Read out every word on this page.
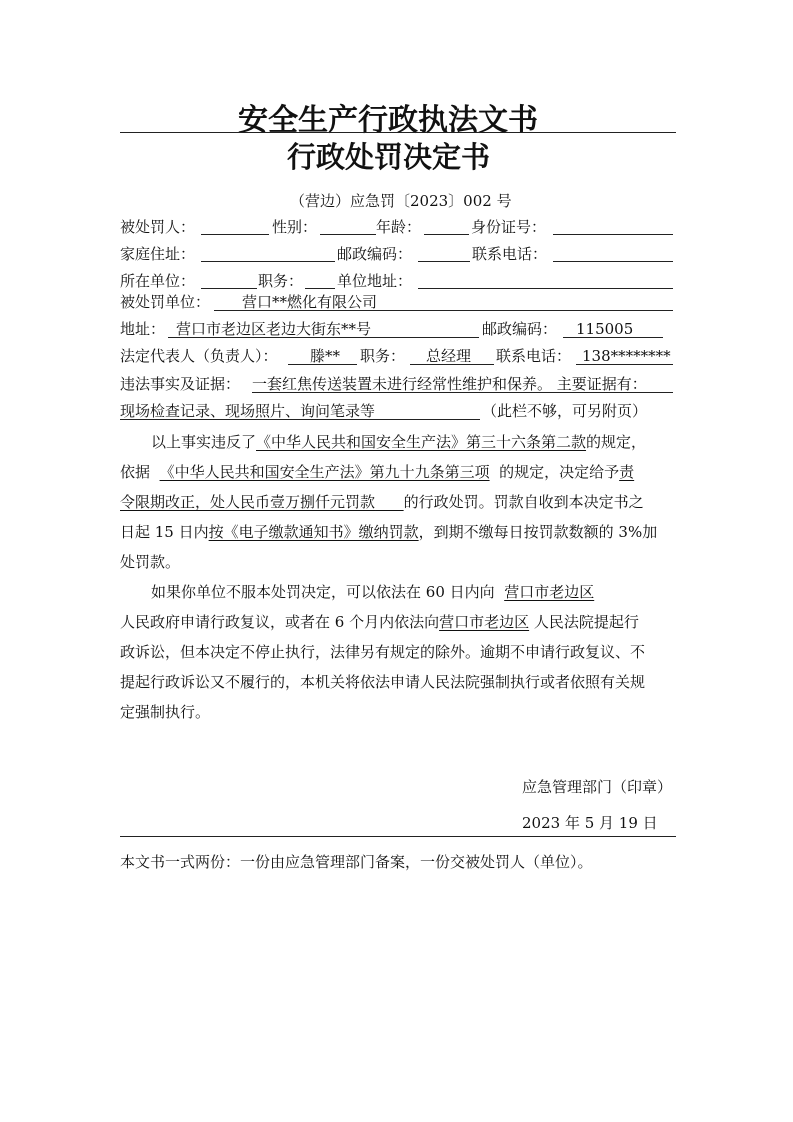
安全生产行政执法文书
行政处罚决定书
（营边）应急罚〔2023〕002 号
被处罚人：	性别：	年龄：	身份证号：
家庭住址：	邮政编码：	联系电话：
所在单位：	职务： 单位地址：
被处罚单位： 营口**燃化有限公司
地址： 营口市老边区老边大街东**号	邮政编码： 115005
法定代表人（负责人）： 滕** 职务： 总经理 联系电话： 138********
违法事实及证据： 一套红焦传送装置未进行经常性维护和保养。 主要证据有：
现场检查记录、现场照片、询问笔录等	（此栏不够，可另附页）
以上事实违反了《中华人民共和国安全生产法》第三十六条第二款的规定，
依据 《中华人民共和国安全生产法》第九十九条第三项 的规定，决定给予责
令限期改正，处人民币壹万捌仟元罚款 的行政处罚。罚款自收到本决定书之
日起 15 日内按《电子缴款通知书》缴纳罚款，到期不缴每日按罚款数额的 3%加
处罚款。
如果你单位不服本处罚决定，可以依法在 60 日内向 营口市老边区
人民政府申请行政复议，或者在 6 个月内依法向营口市老边区 人民法院提起行
政诉讼，但本决定不停止执行，法律另有规定的除外。逾期不申请行政复议、不
提起行政诉讼又不履行的，本机关将依法申请人民法院强制执行或者依照有关规
定强制执行。
应急管理部门（印章）
2023 年 5 月 19 日
本文书一式两份：一份由应急管理部门备案，一份交被处罚人（单位）。
